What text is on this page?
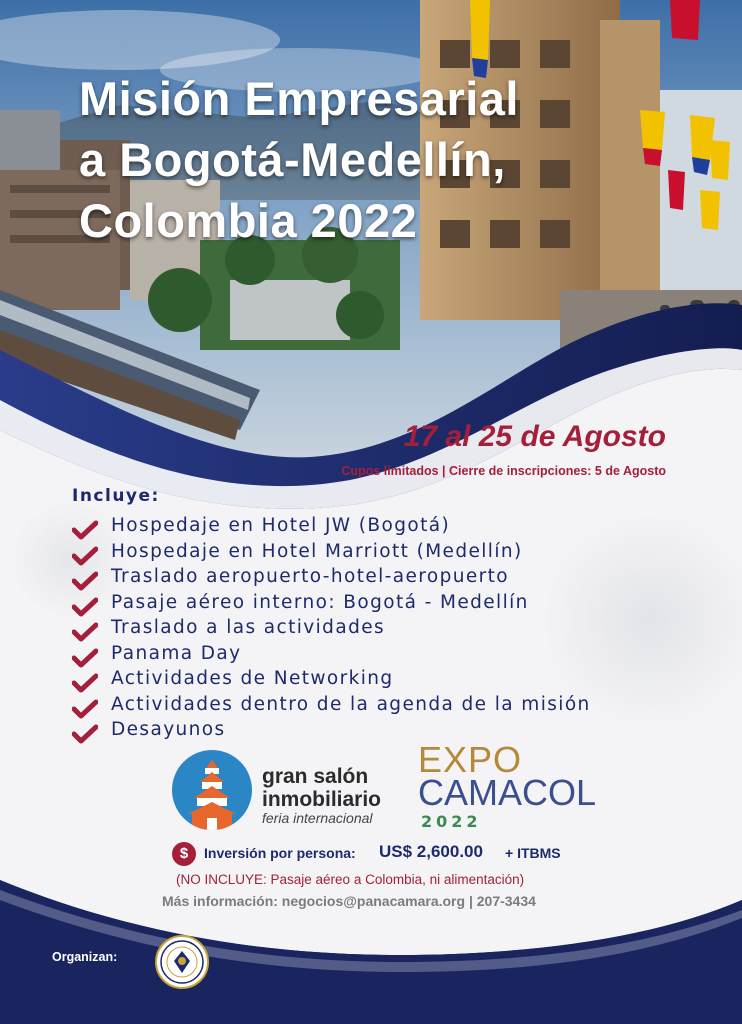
Misión Empresarial
a Bogotá-Medellín,
Colombia 2022
17 al 25 de Agosto
Cupos limitados | Cierre de inscripciones: 5 de Agosto
Incluye:
Hospedaje en Hotel JW (Bogotá)
Hospedaje en Hotel Marriott (Medellín)
Traslado aeropuerto-hotel-aeropuerto
Pasaje aéreo interno: Bogotá - Medellín
Traslado a las actividades
Panama Day
Actividades de Networking
Actividades dentro de la agenda de la misión
Desayunos
gran salón
inmobiliario
feria internacional
EXPO
CAMACOL
2022
$	Inversión por persona: US$ 2,600.00 + ITBMS
(NO INCLUYE: Pasaje aéreo a Colombia, ni alimentación)
Más información: negocios@panacamara.org | 207-3434
Organizan:
